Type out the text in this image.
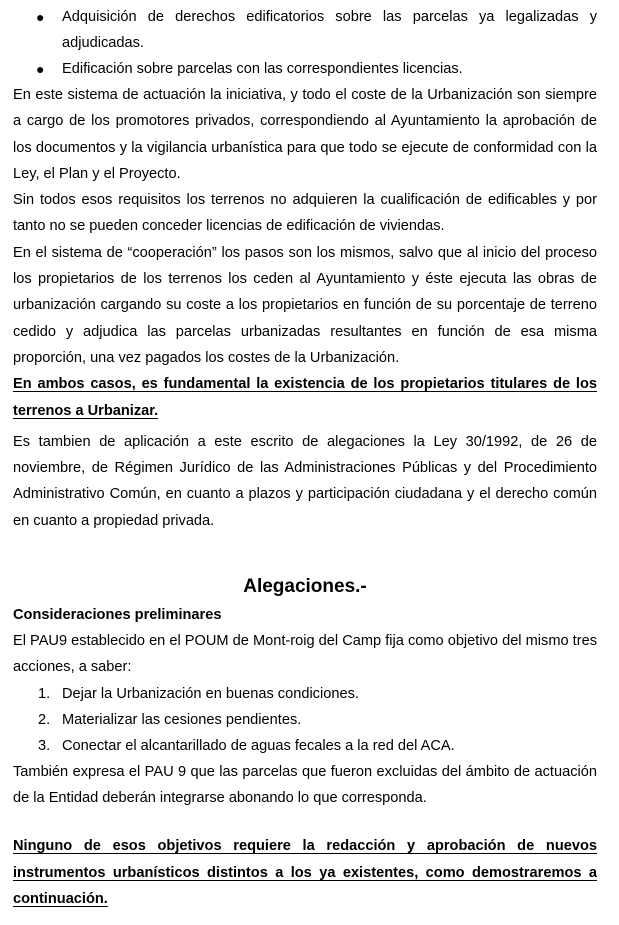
● Adquisición de derechos edificatorios sobre las parcelas ya legalizadas y adjudicadas.
● Edificación sobre parcelas con las correspondientes licencias.

En este sistema de actuación la iniciativa, y todo el coste de la Urbanización son siempre a cargo de los promotores privados, correspondiendo al Ayuntamiento la aprobación de los documentos y la vigilancia urbanística para que todo se ejecute de conformidad con la Ley, el Plan y el Proyecto.

Sin todos esos requisitos los terrenos no adquieren la cualificación de edificables y por tanto no se pueden conceder licencias de edificación de viviendas.

En el sistema de “cooperación” los pasos son los mismos, salvo que al inicio del proceso los propietarios de los terrenos los ceden al Ayuntamiento y éste ejecuta las obras de urbanización cargando su coste a los propietarios en función de su porcentaje de terreno cedido y adjudica las parcelas urbanizadas resultantes en función de esa misma proporción, una vez pagados los costes de la Urbanización.

En ambos casos, es fundamental la existencia de los propietarios titulares de los terrenos a Urbanizar.

Es tambien de aplicación a este escrito de alegaciones la Ley 30/1992, de 26 de noviembre, de Régimen Jurídico de las Administraciones Públicas y del Procedimiento Administrativo Común, en cuanto a plazos y participación ciudadana y el derecho común en cuanto a propiedad privada.

Alegaciones.-

Consideraciones preliminares

El PAU9 establecido en el POUM de Mont-roig del Camp fija como objetivo del mismo tres acciones, a saber:

1. Dejar la Urbanización en buenas condiciones.
2. Materializar las cesiones pendientes.
3. Conectar el alcantarillado de aguas fecales a la red del ACA.

También expresa el PAU 9 que las parcelas que fueron excluidas del ámbito de actuación de la Entidad deberán integrarse abonando lo que corresponda.

Ninguno de esos objetivos requiere la redacción y aprobación de nuevos instrumentos urbanísticos distintos a los ya existentes, como demostraremos a continuación.
